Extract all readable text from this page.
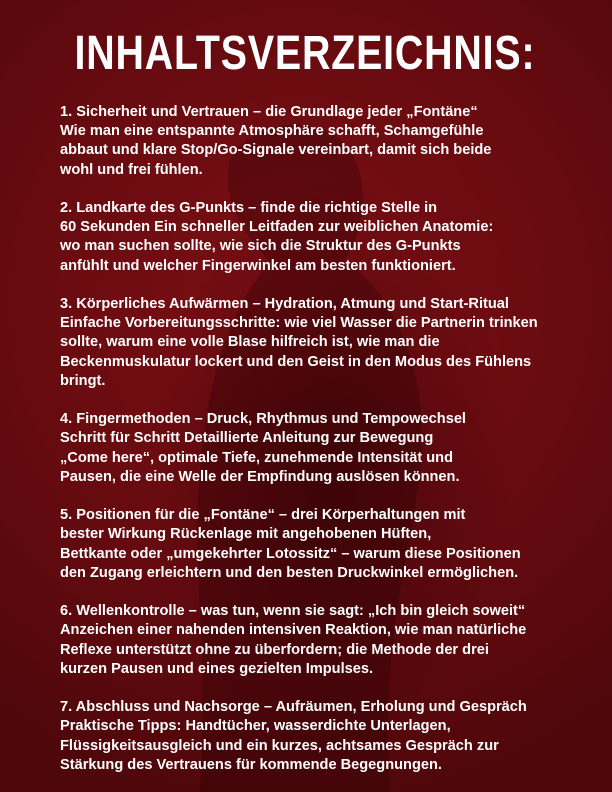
INHALTSVERZEICHNIS:
1. Sicherheit und Vertrauen – die Grundlage jeder „Fontäne“
Wie man eine entspannte Atmosphäre schafft, Schamgefühle
abbaut und klare Stop/Go-Signale vereinbart, damit sich beide
wohl und frei fühlen.
2. Landkarte des G-Punkts – finde die richtige Stelle in
60 Sekunden Ein schneller Leitfaden zur weiblichen Anatomie:
wo man suchen sollte, wie sich die Struktur des G-Punkts
anfühlt und welcher Fingerwinkel am besten funktioniert.
3. Körperliches Aufwärmen – Hydration, Atmung und Start-Ritual
Einfache Vorbereitungsschritte: wie viel Wasser die Partnerin trinken
sollte, warum eine volle Blase hilfreich ist, wie man die
Beckenmuskulatur lockert und den Geist in den Modus des Fühlens
bringt.
4. Fingermethoden – Druck, Rhythmus und Tempowechsel
Schritt für Schritt Detaillierte Anleitung zur Bewegung
„Come here“, optimale Tiefe, zunehmende Intensität und
Pausen, die eine Welle der Empfindung auslösen können.
5. Positionen für die „Fontäne“ – drei Körperhaltungen mit
bester Wirkung Rückenlage mit angehobenen Hüften,
Bettkante oder „umgekehrter Lotossitz“ – warum diese Positionen
den Zugang erleichtern und den besten Druckwinkel ermöglichen.
6. Wellenkontrolle – was tun, wenn sie sagt: „Ich bin gleich soweit“
Anzeichen einer nahenden intensiven Reaktion, wie man natürliche
Reflexe unterstützt ohne zu überfordern; die Methode der drei
kurzen Pausen und eines gezielten Impulses.
7. Abschluss und Nachsorge – Aufräumen, Erholung und Gespräch
Praktische Tipps: Handtücher, wasserdichte Unterlagen,
Flüssigkeitsausgleich und ein kurzes, achtsames Gespräch zur
Stärkung des Vertrauens für kommende Begegnungen.
